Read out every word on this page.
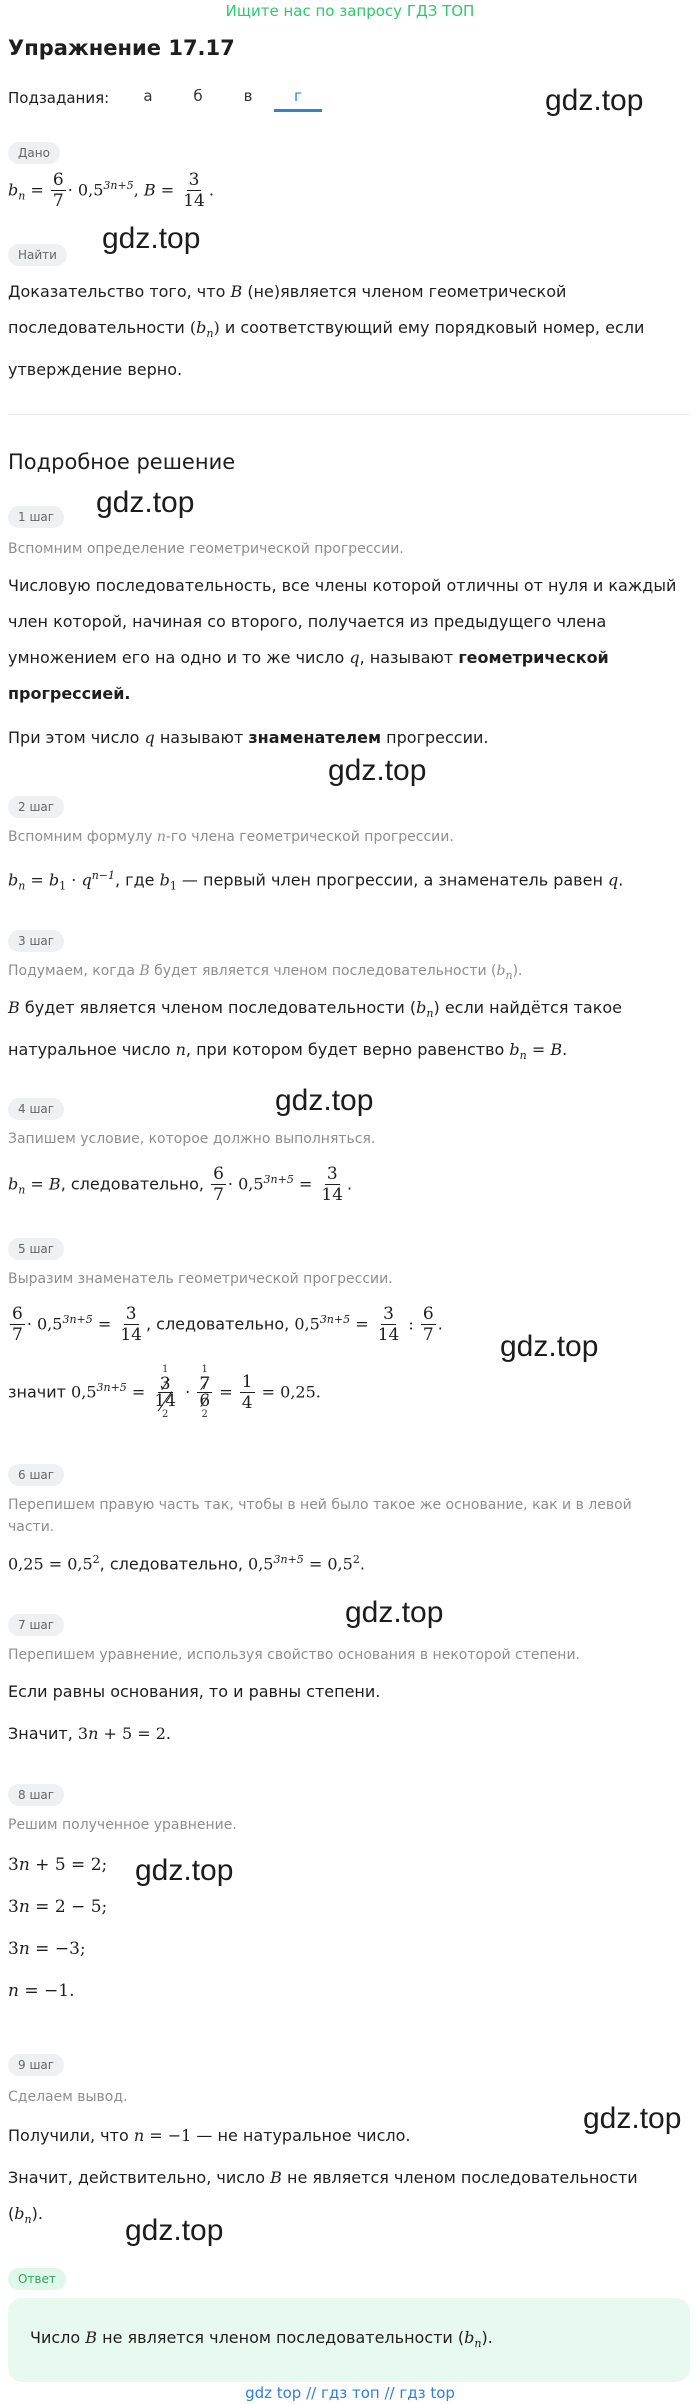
Ищите нас по запросу ГДЗ ТОП
Упражнение 17.17
Подзадания:	а	б	в	г
Дано
$b_n = \frac{6}{7} \cdot 0,5^{3n+5}$, $B = \frac{3}{14}$ .
Найти

Доказательство того, что B (не)является членом геометрической

последовательности $(b_n)$ и соответствующий ему порядковый номер, если

утверждение верно.

Подробное решение
1 шаг
Вспомним определение геометрической прогрессии.

Числовую последовательность, все члены которой отличны от нуля и каждый

член которой, начиная со второго, получается из предыдущего члена

умножением его на одно и то же число q, называют геометрической

прогрессией.

При этом число q называют знаменателем прогрессии.

2 шаг
Вспомним формулу n-го члена геометрической прогрессии.
$b_n = b_1 \cdot q^{n-1}$, где $b_1$ — первый член прогрессии, а знаменатель равен q.
3 шаг
Подумаем, когда B будет является членом последовательности $(b_n)$.

B будет является членом последовательности $(b_n)$ если найдётся такое

натуральное число n, при котором будет верно равенство $b_n = B$.

4 шаг
Запишем условие, которое должно выполняться.
$b_n = B$, следовательно, $\frac{6}{7} \cdot 0,5^{3n+5} = \frac{3}{14}$ .
5 шаг
Выразим знаменатель геометрической прогрессии.
$\frac{6}{7} \cdot 0,5^{3n+5} = \frac{3}{14}$ , следовательно, $0,5^{3n+5} = \frac{3}{14}$ : $\frac{6}{7}$ .
значит $0,5^{3n+5}$ =
1
3
14
2
·
1
7
6
2
= $\frac{1}{4} = 0,25$.
6 шаг
Перепишем правую часть так, чтобы в ней было такое же основание, как и в левой
части.
$0,25 = 0,5^2$, следовательно, $0,5^{3n+5} = 0,5^2$.
7 шаг
Перепишем уравнение, используя свойство основания в некоторой степени.

Если равны основания, то и равны степени.

Значит, 3n + 5 = 2.

8 шаг
Решим полученное уравнение.
3n + 5 = 2;
3n = 2 − 5;
3n = −3;
n = −1.
9 шаг
Сделаем вывод.

Получили, что n = −1 — не натуральное число.

Значит, действительно, число B не является членом последовательности

$(b_n)$.

Ответ

Число B не является членом последовательности $(b_n)$.

gdz top // гдз топ // гдз top
gdz.top
gdz.top
gdz.top
gdz.top
gdz.top
gdz.top
gdz.top
gdz.top
gdz.top
gdz.top
